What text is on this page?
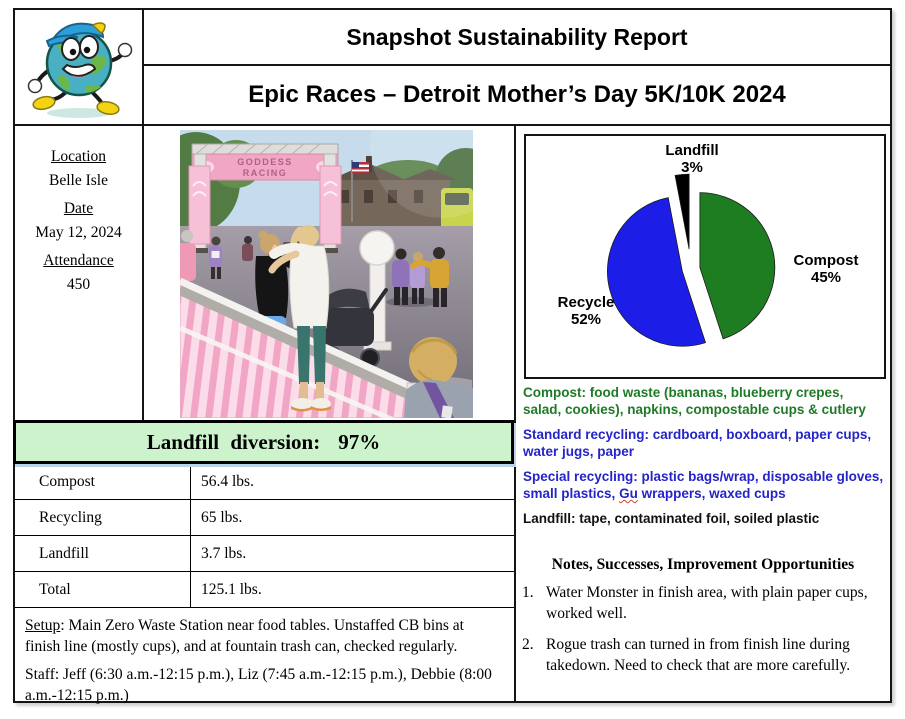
Snapshot Sustainability Report
Epic Races – Detroit Mother’s Day 5K/10K 2024

Location

Belle Isle

Date

May 12, 2024

Attendance

450

GODDESS
RACING
Landfill diversion: 97%
Compost	56.4 lbs.
Recycling	65 lbs.
Landfill	3.7 lbs.
Total	125.1 lbs.

Setup: Main Zero Waste Station near food tables. Unstaffed CB bins at finish line (mostly cups), and at fountain trash can, checked regularly.

Staff: Jeff (6:30 a.m.-12:15 p.m.), Liz (7:45 a.m.-12:15 p.m.), Debbie (8:00 a.m.-12:15 p.m.)

Landfill
3%
Compost
45%
Recycle
52%

Compost: food waste (bananas, blueberry crepes, salad, cookies), napkins, compostable cups & cutlery

Standard recycling: cardboard, boxboard, paper cups, water jugs, paper

Special recycling: plastic bags/wrap, disposable gloves, small plastics, Gu wrappers, waxed cups

Landfill: tape, contaminated foil, soiled plastic

Notes, Successes, Improvement Opportunities
1. Water Monster in finish area, with plain paper cups, worked well.
2. Rogue trash can turned in from finish line during takedown. Need to check that are more carefully.
